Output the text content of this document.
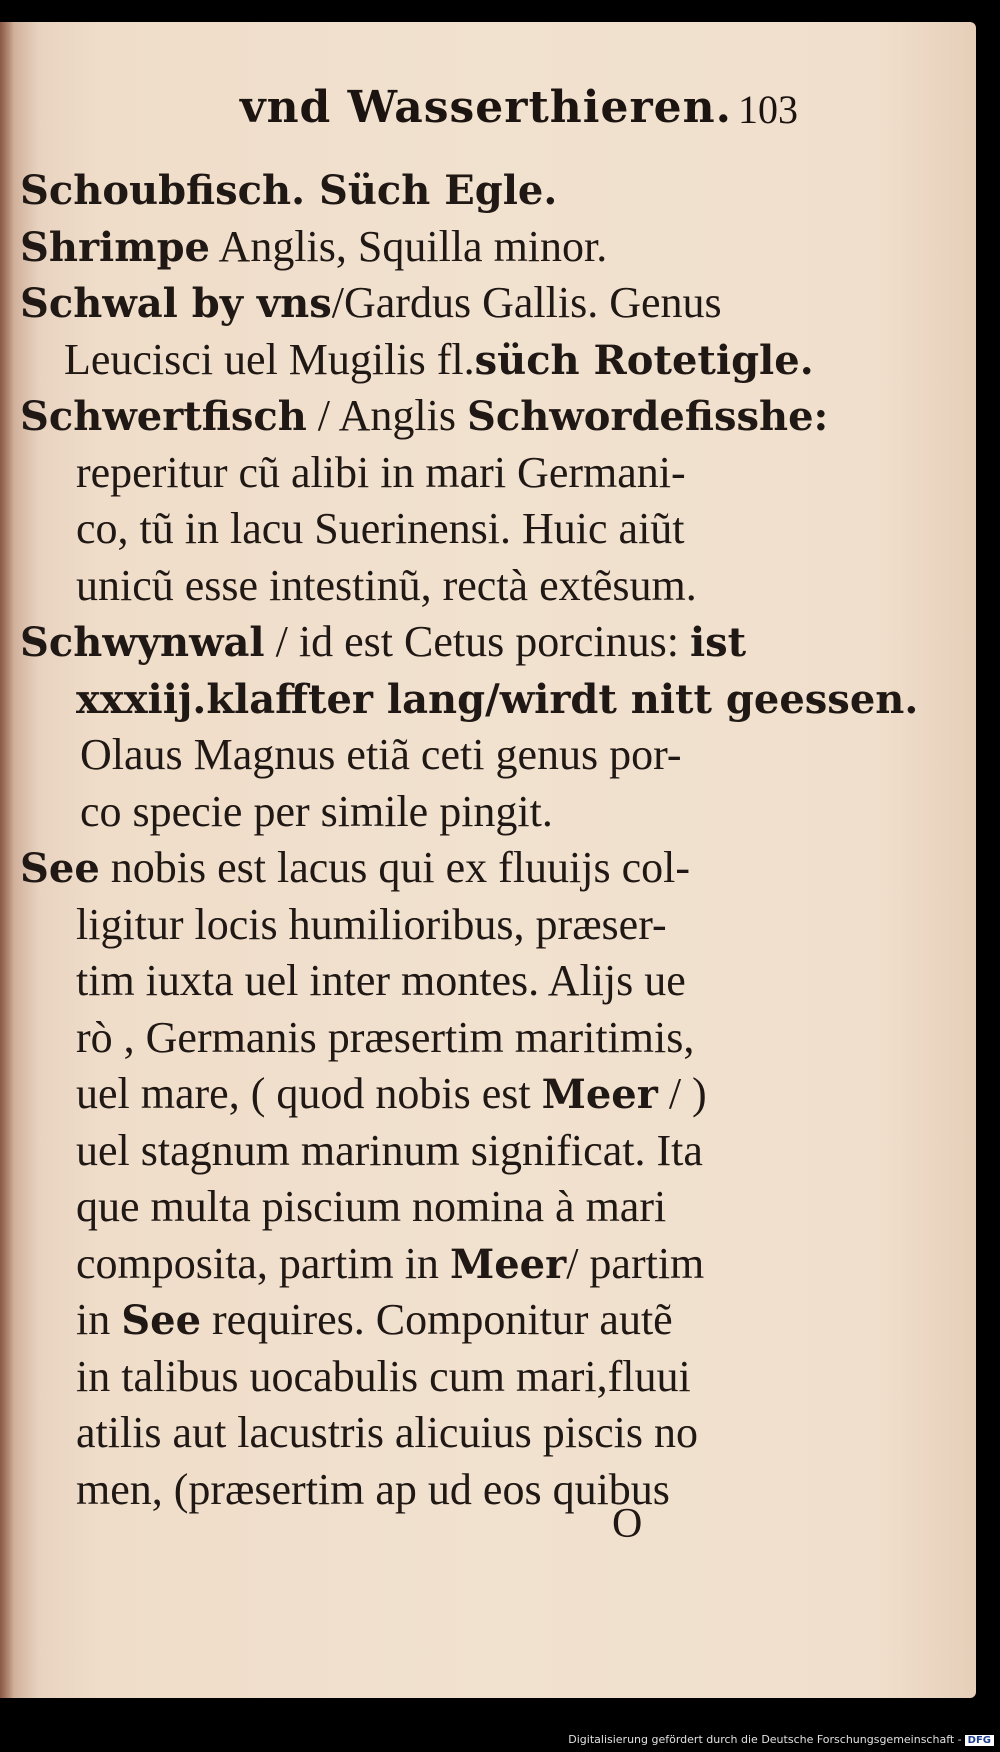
vnd Wasserthieren. 103
Schoubfisch. Süch Egle.
Shrimpe Anglis, Squilla minor.
Schwal by vns/Gardus Gallis. Genus
Leucisci uel Mugilis fl.süch Rotetigle.
Schwertfisch / Anglis Schwordefisshe:
reperitur cũ alibi in mari Germani-
co, tũ in lacu Suerinensi. Huic aiũt
unicũ esse intestinũ, rectà extẽsum.
Schwynwal / id est Cetus porcinus: ist
xxxiij.klaffter lang/wirdt nitt geessen.
Olaus Magnus etiã ceti genus por-
co specie per simile pingit.
See nobis est lacus qui ex fluuijs col-
ligitur locis humilioribus, præser-
tim iuxta uel inter montes. Alijs ue
rò , Germanis præsertim maritimis,
uel mare, ( quod nobis est Meer / )
uel stagnum marinum significat. Ita
que multa piscium nomina à mari
composita, partim in Meer/ partim
in See requires. Componitur autẽ
in talibus uocabulis cum mari,fluui
atilis aut lacustris alicuius piscis no
men, (præsertim ap ud eos quibus
O
Digitalisierung gefördert durch die Deutsche Forschungsgemeinschaft - DFG
